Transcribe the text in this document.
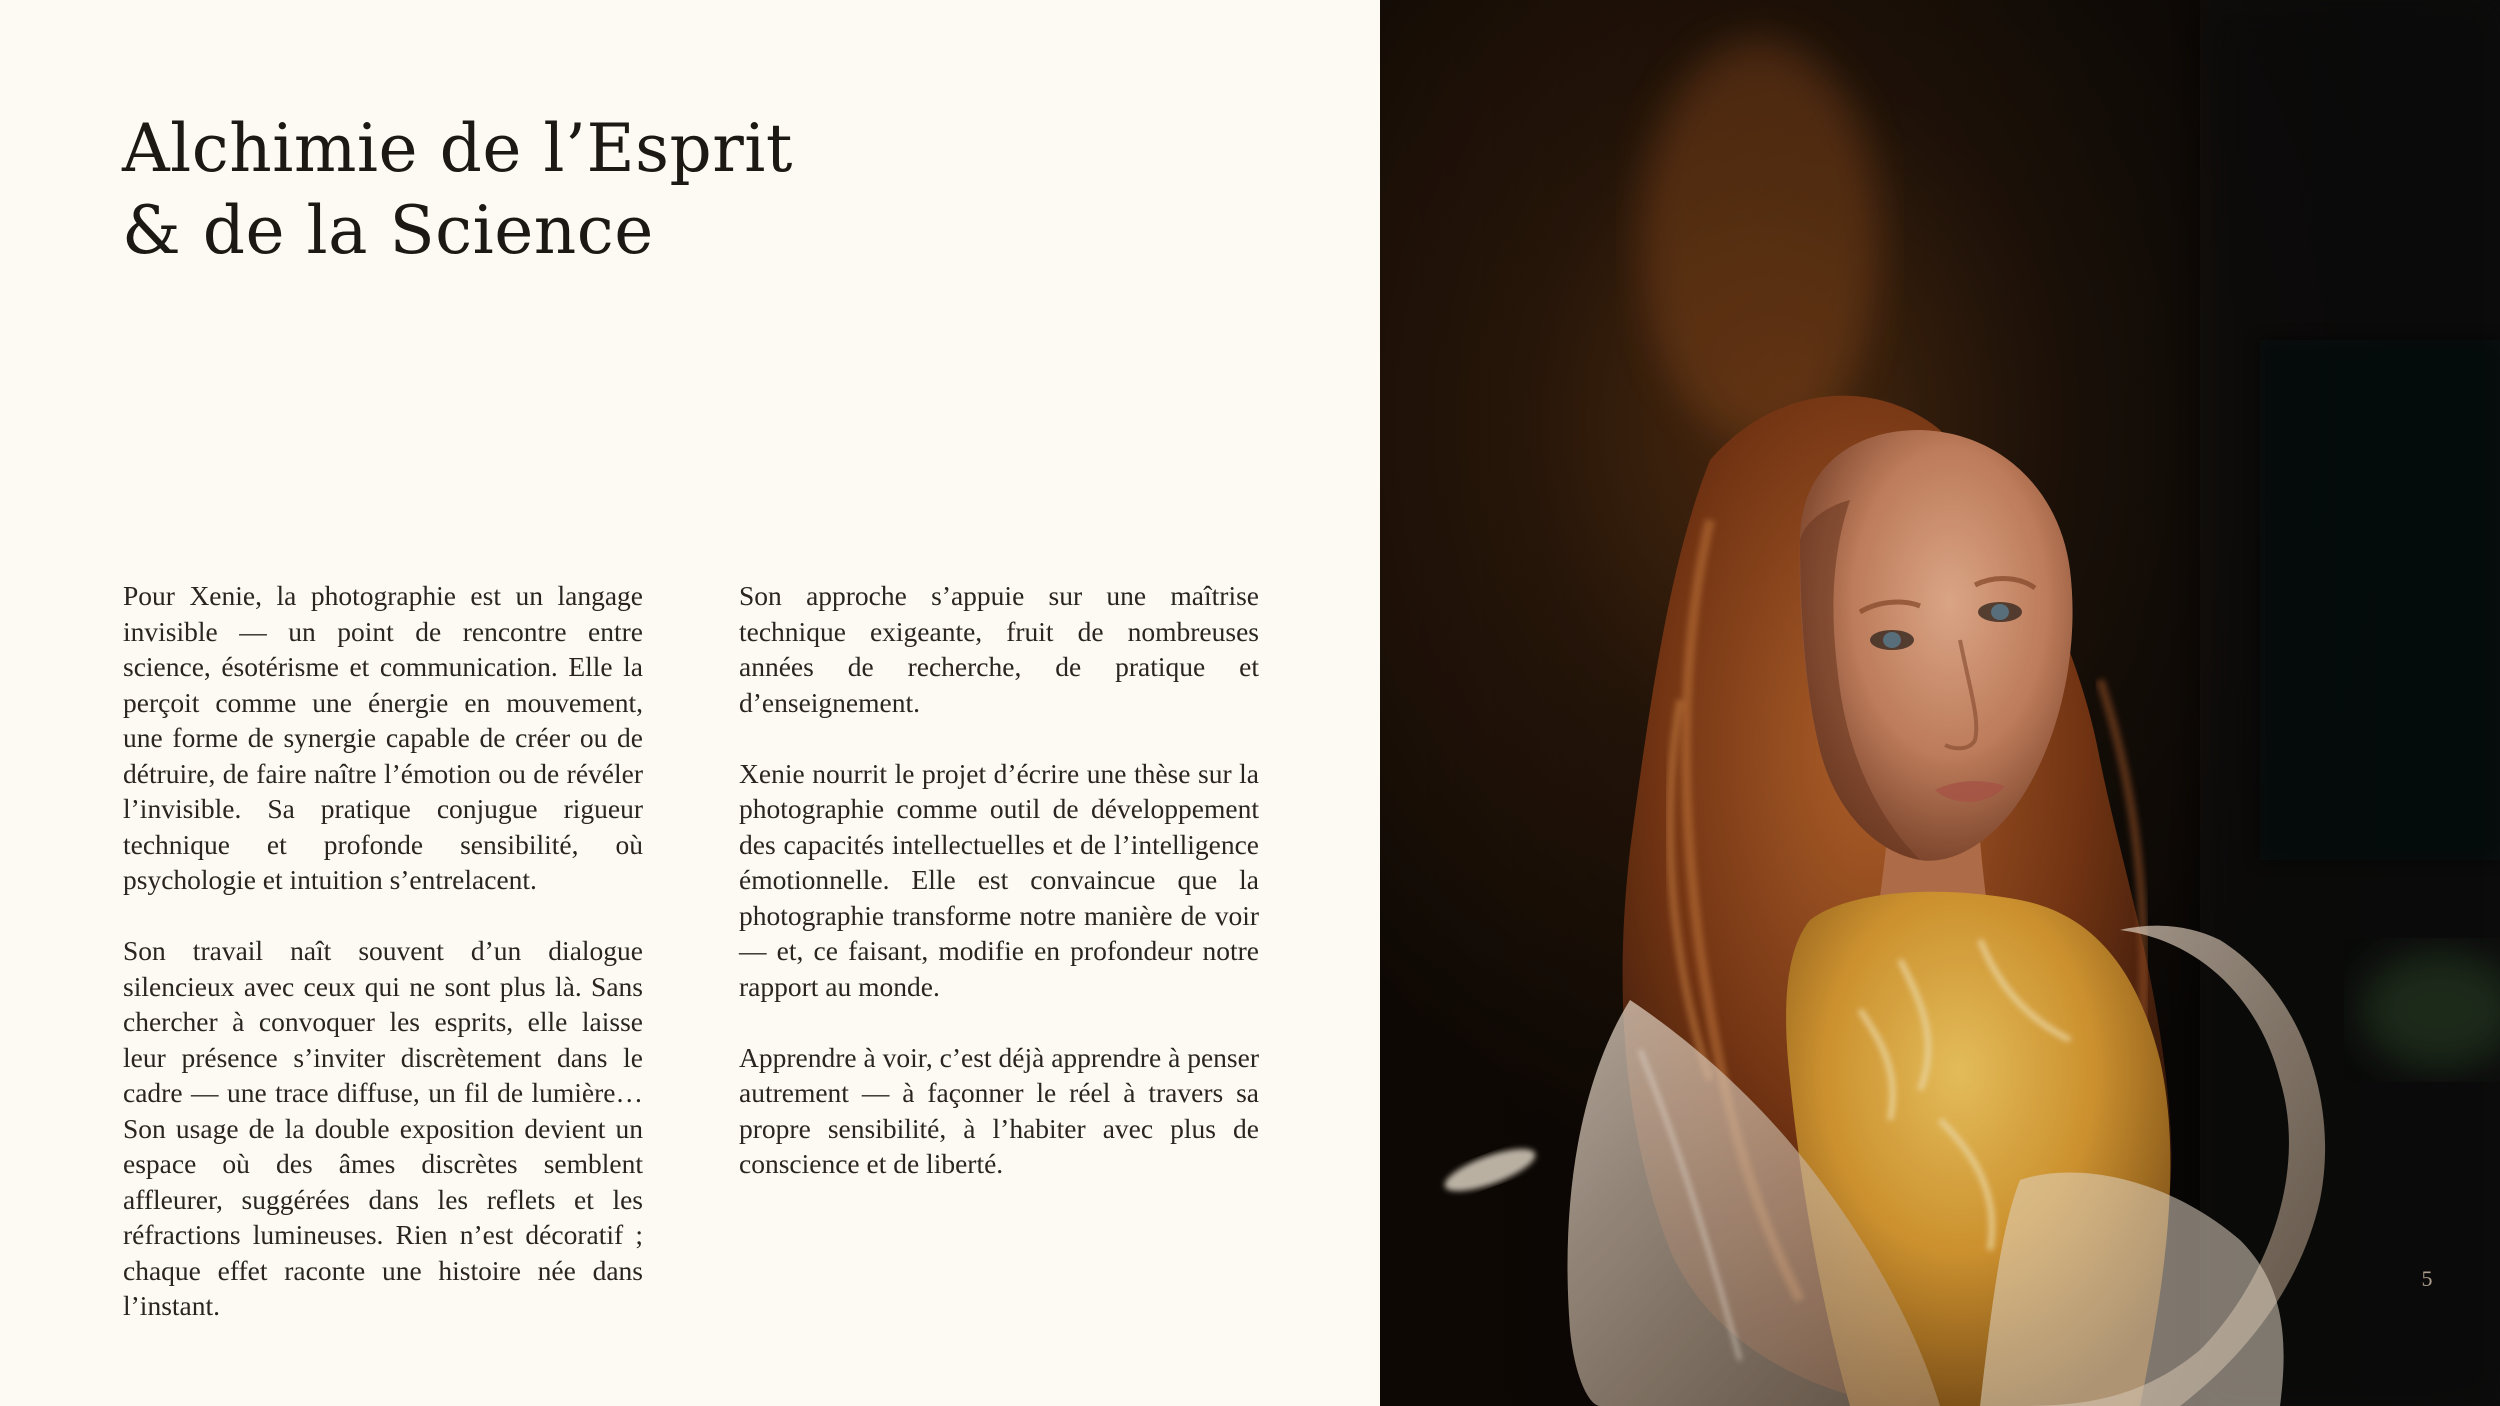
Alchimie de l’Esprit
& de la Science

Pour Xenie, la photographie est un langage invisible — un point de rencontre entre science, ésotérisme et communication. Elle la perçoit comme une énergie en mouvement, une forme de synergie capable de créer ou de détruire, de faire naître l’émotion ou de révéler l’invisible. Sa pratique conjugue rigueur technique et profonde sensibilité, où psychologie et intuition s’entrelacent.

Son travail naît souvent d’un dialogue silencieux avec ceux qui ne sont plus là. Sans chercher à convoquer les esprits, elle laisse leur présence s’inviter discrètement dans le cadre — une trace diffuse, un fil de lumière… Son usage de la double exposition devient un espace où des âmes discrètes semblent affleurer, suggérées dans les reflets et les réfractions lumineuses. Rien n’est décoratif ; chaque effet raconte une histoire née dans l’instant.

Son approche s’appuie sur une maîtrise technique exigeante, fruit de nombreuses années de recherche, de pratique et d’enseignement.

Xenie nourrit le projet d’écrire une thèse sur la photographie comme outil de développement des capacités intellectuelles et de l’intelligence émotionnelle. Elle est convaincue que la photographie transforme notre manière de voir — et, ce faisant, modifie en profondeur notre rapport au monde.

Apprendre à voir, c’est déjà apprendre à penser autrement — à façonner le réel à travers sa propre sensibilité, à l’habiter avec plus de conscience et de liberté.

5
